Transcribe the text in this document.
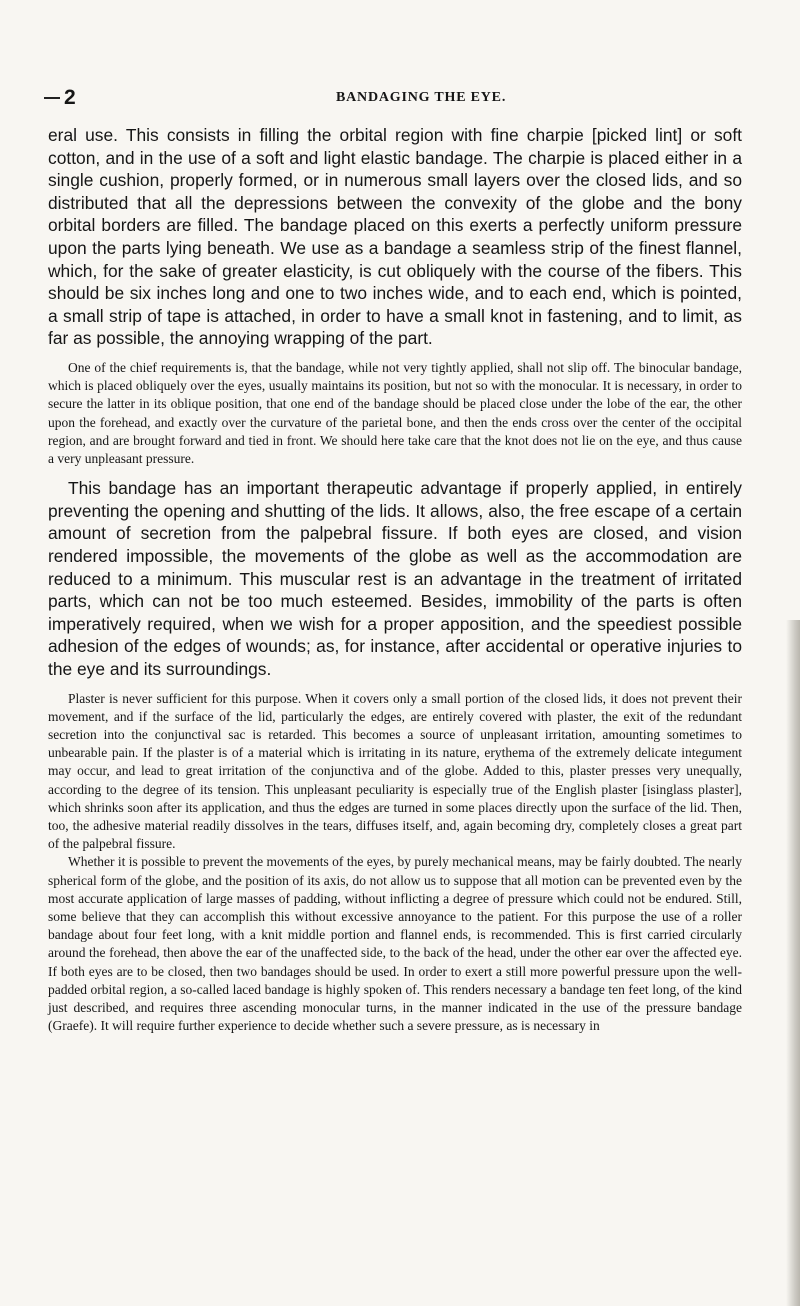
2	BANDAGING THE EYE.

eral use. This consists in filling the orbital region with fine charpie [picked lint] or soft cotton, and in the use of a soft and light elastic bandage. The charpie is placed either in a single cushion, properly formed, or in numerous small layers over the closed lids, and so distributed that all the depressions between the convexity of the globe and the bony orbital borders are filled. The bandage placed on this exerts a perfectly uniform pressure upon the parts lying beneath. We use as a bandage a seamless strip of the finest flannel, which, for the sake of greater elasticity, is cut obliquely with the course of the fibers. This should be six inches long and one to two inches wide, and to each end, which is pointed, a small strip of tape is attached, in order to have a small knot in fastening, and to limit, as far as possible, the annoying wrapping of the part.

One of the chief requirements is, that the bandage, while not very tightly applied, shall not slip off. The binocular bandage, which is placed obliquely over the eyes, usually maintains its position, but not so with the monocular. It is necessary, in order to secure the latter in its oblique position, that one end of the bandage should be placed close under the lobe of the ear, the other upon the forehead, and exactly over the curvature of the parietal bone, and then the ends cross over the center of the occipital region, and are brought forward and tied in front. We should here take care that the knot does not lie on the eye, and thus cause a very unpleasant pressure.

This bandage has an important therapeutic advantage if properly applied, in entirely preventing the opening and shutting of the lids. It allows, also, the free escape of a certain amount of secretion from the palpebral fissure. If both eyes are closed, and vision rendered impossible, the movements of the globe as well as the accommodation are reduced to a minimum. This muscular rest is an advantage in the treatment of irritated parts, which can not be too much esteemed. Besides, immobility of the parts is often imperatively required, when we wish for a proper apposition, and the speediest possible adhesion of the edges of wounds; as, for instance, after accidental or operative injuries to the eye and its surroundings.

Plaster is never sufficient for this purpose. When it covers only a small portion of the closed lids, it does not prevent their movement, and if the surface of the lid, particularly the edges, are entirely covered with plaster, the exit of the redundant secretion into the conjunctival sac is retarded. This becomes a source of unpleasant irritation, amounting sometimes to unbearable pain. If the plaster is of a material which is irritating in its nature, erythema of the extremely delicate integument may occur, and lead to great irritation of the conjunctiva and of the globe. Added to this, plaster presses very unequally, according to the degree of its tension. This unpleasant peculiarity is especially true of the English plaster [isinglass plaster], which shrinks soon after its application, and thus the edges are turned in some places directly upon the surface of the lid. Then, too, the adhesive material readily dissolves in the tears, diffuses itself, and, again becoming dry, completely closes a great part of the palpebral fissure.

Whether it is possible to prevent the movements of the eyes, by purely mechanical means, may be fairly doubted. The nearly spherical form of the globe, and the position of its axis, do not allow us to suppose that all motion can be prevented even by the most accurate application of large masses of padding, without inflicting a degree of pressure which could not be endured. Still, some believe that they can accomplish this without excessive annoyance to the patient. For this purpose the use of a roller bandage about four feet long, with a knit middle portion and flannel ends, is recommended. This is first carried circularly around the forehead, then above the ear of the unaffected side, to the back of the head, under the other ear over the affected eye. If both eyes are to be closed, then two bandages should be used. In order to exert a still more powerful pressure upon the well-padded orbital region, a so-called laced bandage is highly spoken of. This renders necessary a bandage ten feet long, of the kind just described, and requires three ascending monocular turns, in the manner indicated in the use of the pressure bandage (Graefe). It will require further experience to decide whether such a severe pressure, as is necessary in
